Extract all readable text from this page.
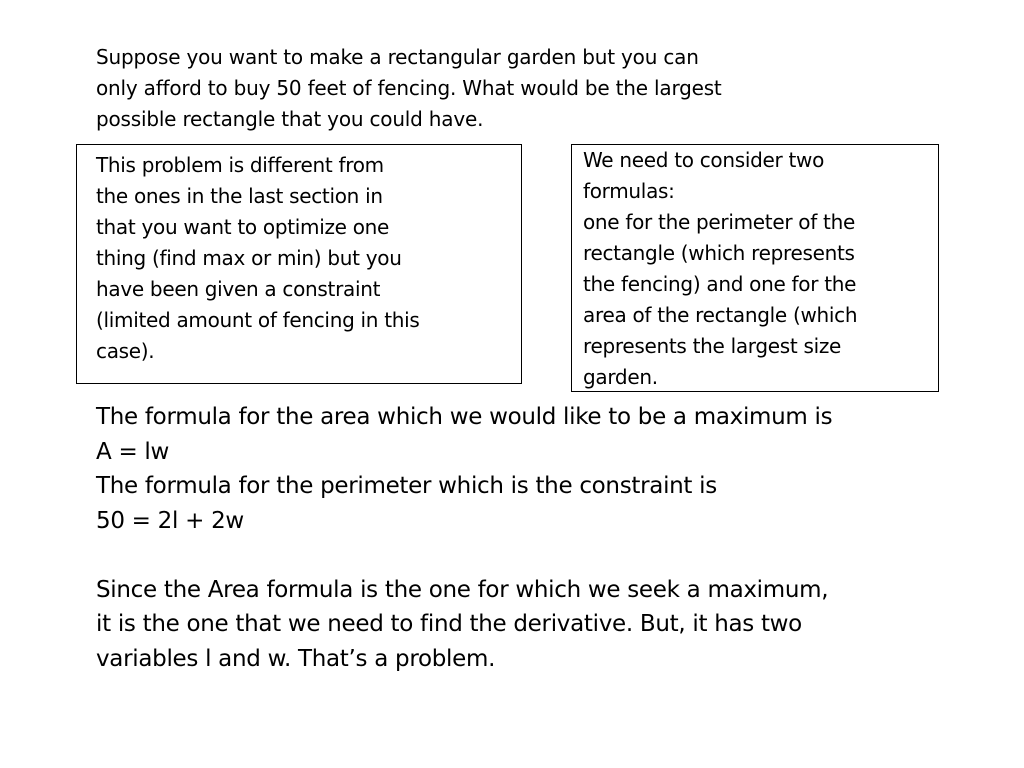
Suppose you want to make a rectangular garden but you can
only afford to buy 50 feet of fencing. What would be the largest
possible rectangle that you could have.
This problem is different from
the ones in the last section in
that you want to optimize one
thing (find max or min) but you
have been given a constraint
(limited amount of fencing in this
case).
We need to consider two
formulas:
one for the perimeter of the
rectangle (which represents
the fencing) and one for the
area of the rectangle (which
represents the largest size
garden.
The formula for the area which we would like to be a maximum is
A = lw
The formula for the perimeter which is the constraint is
50 = 2l + 2w
Since the Area formula is the one for which we seek a maximum,
it is the one that we need to find the derivative. But, it has two
variables l and w. That’s a problem.
